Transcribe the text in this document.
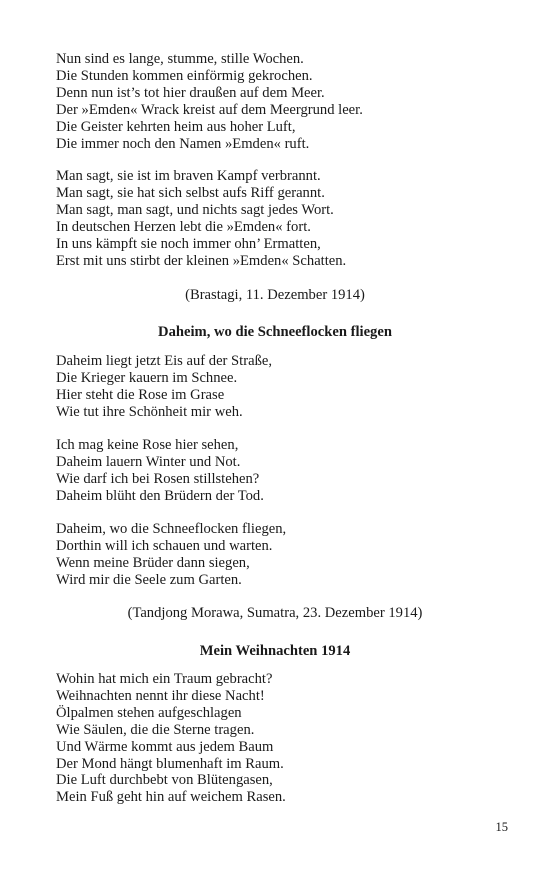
Nun sind es lange, stumme, stille Wochen.
Die Stunden kommen einförmig gekrochen.
Denn nun ist’s tot hier draußen auf dem Meer.
Der »Emden« Wrack kreist auf dem Meergrund leer.
Die Geister kehrten heim aus hoher Luft,
Die immer noch den Namen »Emden« ruft.
Man sagt, sie ist im braven Kampf verbrannt.
Man sagt, sie hat sich selbst aufs Riff gerannt.
Man sagt, man sagt, und nichts sagt jedes Wort.
In deutschen Herzen lebt die »Emden« fort.
In uns kämpft sie noch immer ohn’ Ermatten,
Erst mit uns stirbt der kleinen »Emden« Schatten.

(Brastagi, 11. Dezember 1914)

Daheim, wo die Schneeflocken fliegen

Daheim liegt jetzt Eis auf der Straße,
Die Krieger kauern im Schnee.
Hier steht die Rose im Grase
Wie tut ihre Schönheit mir weh.
Ich mag keine Rose hier sehen,
Daheim lauern Winter und Not.
Wie darf ich bei Rosen stillstehen?
Daheim blüht den Brüdern der Tod.
Daheim, wo die Schneeflocken fliegen,
Dorthin will ich schauen und warten.
Wenn meine Brüder dann siegen,
Wird mir die Seele zum Garten.

(Tandjong Morawa, Sumatra, 23. Dezember 1914)

Mein Weihnachten 1914

Wohin hat mich ein Traum gebracht?
Weihnachten nennt ihr diese Nacht!
Ölpalmen stehen aufgeschlagen
Wie Säulen, die die Sterne tragen.
Und Wärme kommt aus jedem Baum
Der Mond hängt blumenhaft im Raum.
Die Luft durchbebt von Blütengasen,
Mein Fuß geht hin auf weichem Rasen.
15
